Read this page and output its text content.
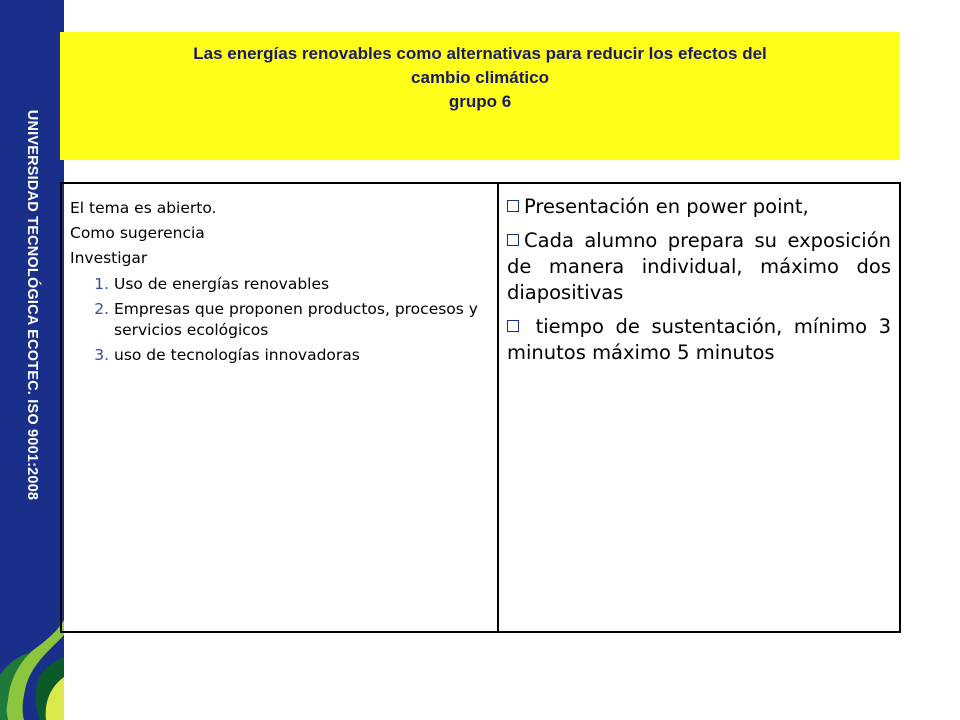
UNIVERSIDAD TECNOLÓGICA ECOTEC. ISO 9001:2008
Las energías renovables como alternativas para reducir los efectos del
cambio climático
grupo 6
El tema es abierto.
Como sugerencia
Investigar
1. Uso de energías renovables
2. Empresas que proponen productos, procesos y servicios ecológicos
3. uso de tecnologías innovadoras

Presentación en power point,
Cada alumno prepara su exposición de manera individual, máximo dos diapositivas
tiempo de sustentación, mínimo 3 minutos máximo 5 minutos
